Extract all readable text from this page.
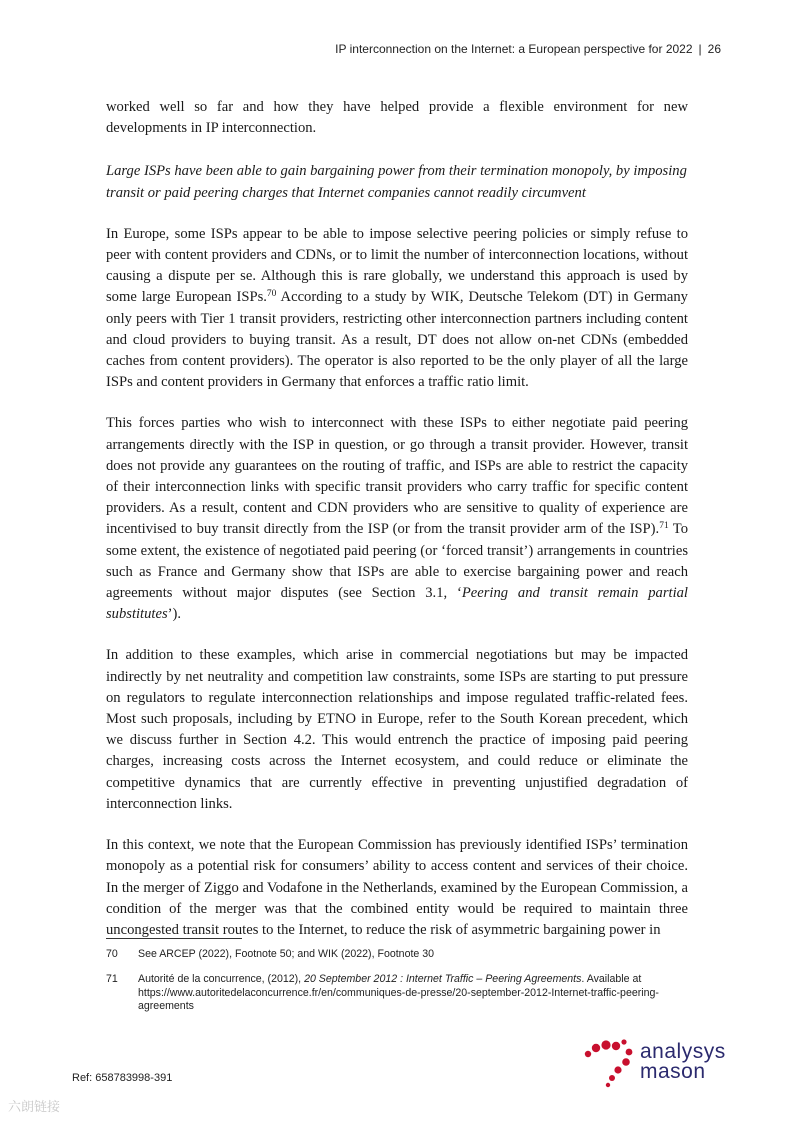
IP interconnection on the Internet: a European perspective for 2022 | 26

worked well so far and how they have helped provide a flexible environment for new developments in IP interconnection.

Large ISPs have been able to gain bargaining power from their termination monopoly, by imposing transit or paid peering charges that Internet companies cannot readily circumvent

In Europe, some ISPs appear to be able to impose selective peering policies or simply refuse to peer with content providers and CDNs, or to limit the number of interconnection locations, without causing a dispute per se. Although this is rare globally, we understand this approach is used by some large European ISPs.$^{70}$ According to a study by WIK, Deutsche Telekom (DT) in Germany only peers with Tier 1 transit providers, restricting other interconnection partners including content and cloud providers to buying transit. As a result, DT does not allow on-net CDNs (embedded caches from content providers). The operator is also reported to be the only player of all the large ISPs and content providers in Germany that enforces a traffic ratio limit.

This forces parties who wish to interconnect with these ISPs to either negotiate paid peering arrangements directly with the ISP in question, or go through a transit provider. However, transit does not provide any guarantees on the routing of traffic, and ISPs are able to restrict the capacity of their interconnection links with specific transit providers who carry traffic for specific content providers. As a result, content and CDN providers who are sensitive to quality of experience are incentivised to buy transit directly from the ISP (or from the transit provider arm of the ISP).$^{71}$ To some extent, the existence of negotiated paid peering (or ‘forced transit’) arrangements in countries such as France and Germany show that ISPs are able to exercise bargaining power and reach agreements without major disputes (see Section 3.1, ‘Peering and transit remain partial substitutes’).

In addition to these examples, which arise in commercial negotiations but may be impacted indirectly by net neutrality and competition law constraints, some ISPs are starting to put pressure on regulators to regulate interconnection relationships and impose regulated traffic-related fees. Most such proposals, including by ETNO in Europe, refer to the South Korean precedent, which we discuss further in Section 4.2. This would entrench the practice of imposing paid peering charges, increasing costs across the Internet ecosystem, and could reduce or eliminate the competitive dynamics that are currently effective in preventing unjustified degradation of interconnection links.

In this context, we note that the European Commission has previously identified ISPs’ termination monopoly as a potential risk for consumers’ ability to access content and services of their choice. In the merger of Ziggo and Vodafone in the Netherlands, examined by the European Commission, a condition of the merger was that the combined entity would be required to maintain three uncongested transit routes to the Internet, to reduce the risk of asymmetric bargaining power in

70	See ARCEP (2022), Footnote 50; and WIK (2022), Footnote 30
71	Autorité de la concurrence, (2012), 20 September 2012 : Internet Traffic – Peering Agreements. Available at https://www.autoritedelaconcurrence.fr/en/communiques-de-presse/20-september-2012-Internet-traffic-peering-agreements
Ref: 658783998-391
analysys
mason
六朗链接
